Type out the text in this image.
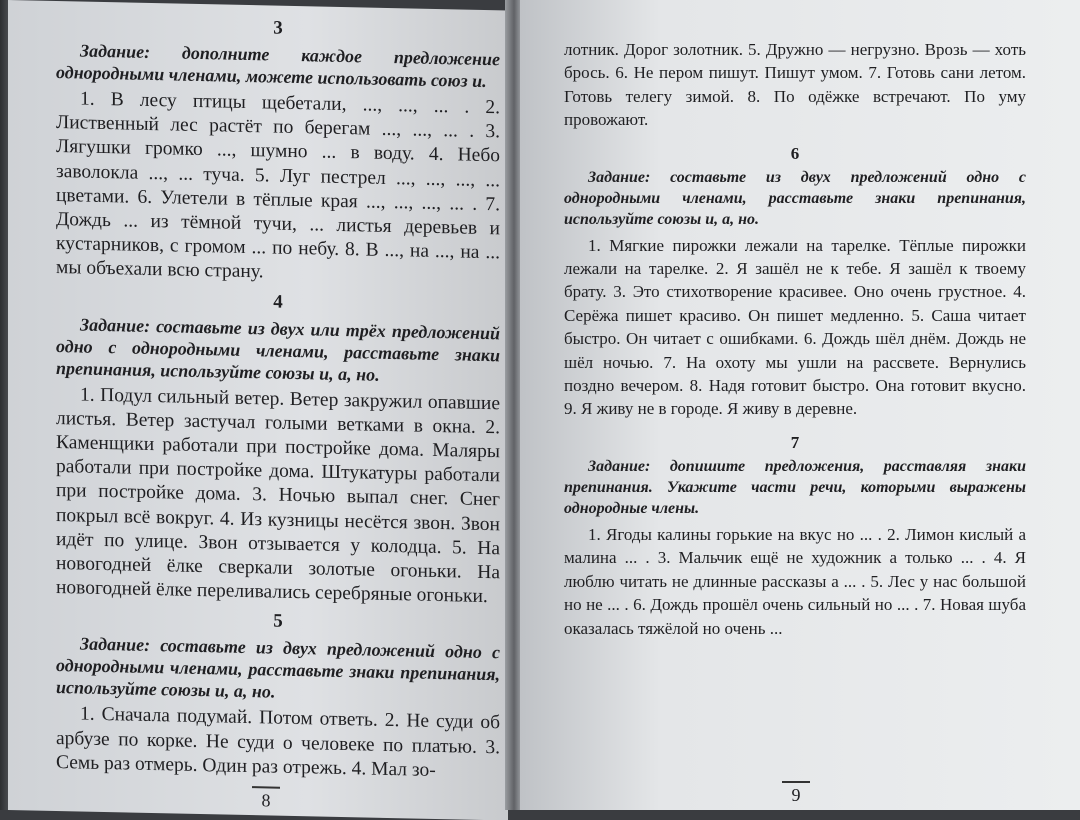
3

Задание: дополните каждое предложение однородными членами, можете использовать союз и.

1. В лесу птицы щебетали, ..., ..., ... . 2. Лиственный лес растёт по берегам ..., ..., ... . 3. Лягушки громко ..., шумно ... в воду. 4. Небо заволокла ..., ... туча. 5. Луг пестрел ..., ..., ..., ... цветами. 6. Улетели в тёплые края ..., ..., ..., ... . 7. Дождь ... из тёмной тучи, ... листья деревьев и кустарников, с громом ... по небу. 8. В ..., на ..., на ... мы объехали всю страну.

4

Задание: составьте из двух или трёх предложений одно с однородными членами, расставьте знаки препинания, используйте союзы и, а, но.

1. Подул сильный ветер. Ветер закружил опавшие листья. Ветер застучал голыми ветками в окна. 2. Каменщики работали при постройке дома. Маляры работали при постройке дома. Штукатуры работали при постройке дома. 3. Ночью выпал снег. Снег покрыл всё вокруг. 4. Из кузницы несётся звон. Звон идёт по улице. Звон отзывается у колодца. 5. На новогодней ёлке сверкали золотые огоньки. На новогодней ёлке переливались серебряные огоньки.

5

Задание: составьте из двух предложений одно с однородными членами, расставьте знаки препинания, используйте союзы и, а, но.

1. Сначала подумай. Потом ответь. 2. Не суди об арбузе по корке. Не суди о человеке по платью. 3. Семь раз отмерь. Один раз отрежь. 4. Мал зо-

8

лотник. Дорог золотник. 5. Дружно — негрузно. Врозь — хоть брось. 6. Не пером пишут. Пишут умом. 7. Готовь сани летом. Готовь телегу зимой. 8. По одёжке встречают. По уму провожают.

6

Задание: составьте из двух предложений одно с однородными членами, расставьте знаки препинания, используйте союзы и, а, но.

1. Мягкие пирожки лежали на тарелке. Тёплые пирожки лежали на тарелке. 2. Я зашёл не к тебе. Я зашёл к твоему брату. 3. Это стихотворение красивее. Оно очень грустное. 4. Серёжа пишет красиво. Он пишет медленно. 5. Саша читает быстро. Он читает с ошибками. 6. Дождь шёл днём. Дождь не шёл ночью. 7. На охоту мы ушли на рассвете. Вернулись поздно вечером. 8. Надя готовит быстро. Она готовит вкусно. 9. Я живу не в городе. Я живу в деревне.

7

Задание: допишите предложения, расставляя знаки препинания. Укажите части речи, которыми выражены однородные члены.

1. Ягоды калины горькие на вкус но ... . 2. Лимон кислый а малина ... . 3. Мальчик ещё не художник а только ... . 4. Я люблю читать не длинные рассказы а ... . 5. Лес у нас большой но не ... . 6. Дождь прошёл очень сильный но ... . 7. Новая шуба оказалась тяжёлой но очень ...

9
